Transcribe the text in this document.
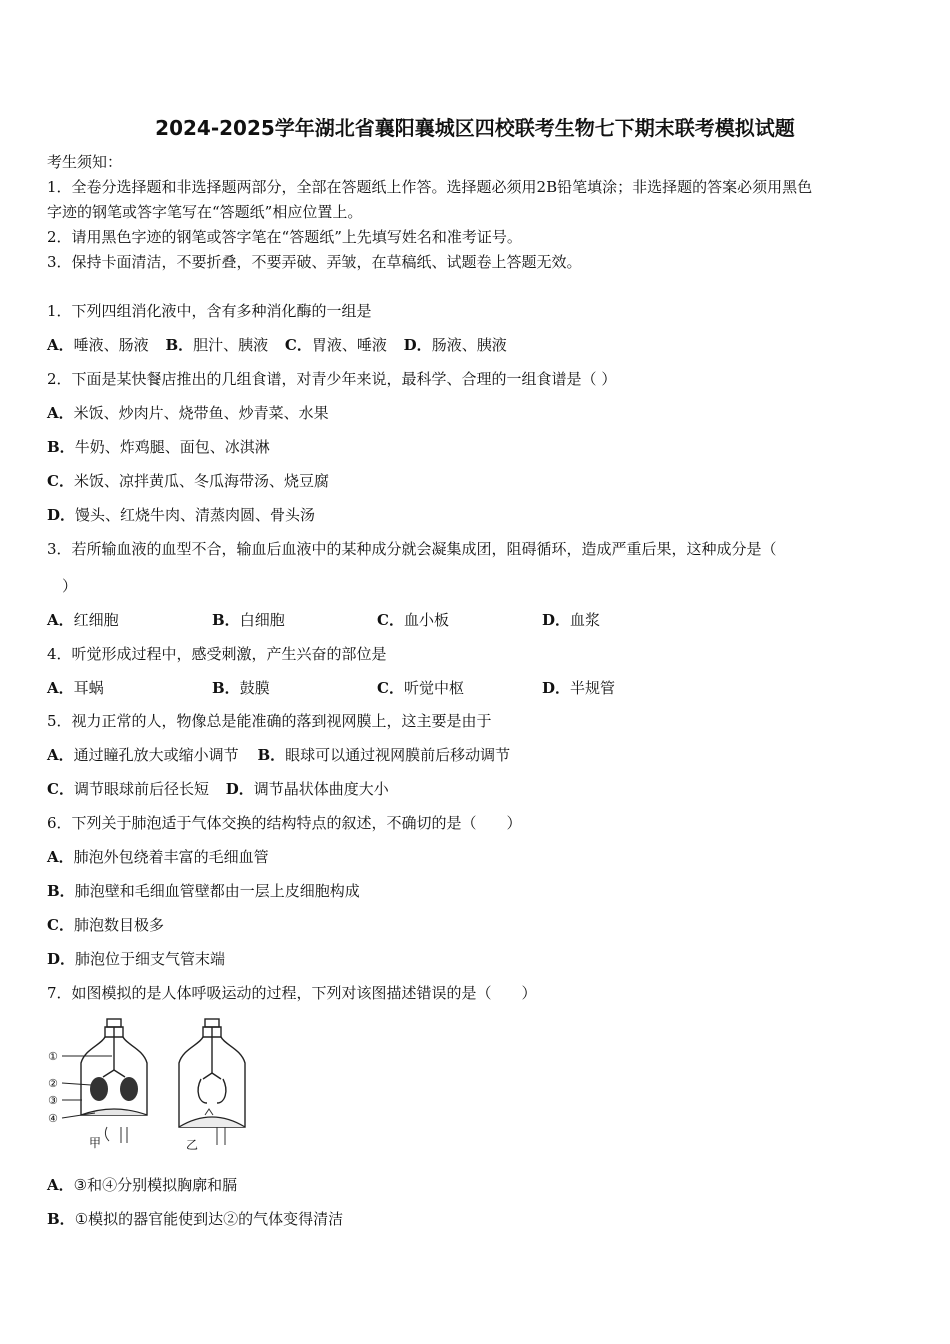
2024-2025学年湖北省襄阳襄城区四校联考生物七下期末联考模拟试题
考生须知：
1．全卷分选择题和非选择题两部分，全部在答题纸上作答。选择题必须用2B铅笔填涂；非选择题的答案必须用黑色
字迹的钢笔或答字笔写在“答题纸”相应位置上。
2．请用黑色字迹的钢笔或答字笔在“答题纸”上先填写姓名和准考证号。
3．保持卡面清洁，不要折叠，不要弄破、弄皱，在草稿纸、试题卷上答题无效。
1．下列四组消化液中，含有多种消化酶的一组是
A．唾液、肠液 B．胆汁、胰液 C．胃液、唾液 D．肠液、胰液
2．下面是某快餐店推出的几组食谱，对青少年来说，最科学、合理的一组食谱是（ ）
A．米饭、炒肉片、烧带鱼、炒青菜、水果
B．牛奶、炸鸡腿、面包、冰淇淋
C．米饭、凉拌黄瓜、冬瓜海带汤、烧豆腐
D．馒头、红烧牛肉、清蒸肉圆、骨头汤
3．若所输血液的血型不合，输血后血液中的某种成分就会凝集成团，阻碍循环，造成严重后果，这种成分是（
）
A．红细胞	B．白细胞	C．血小板	D．血浆
4．听觉形成过程中，感受刺激，产生兴奋的部位是
A．耳蜗	B．鼓膜	C．听觉中枢	D．半规管
5．视力正常的人，物像总是能准确的落到视网膜上，这主要是由于
A．通过瞳孔放大或缩小调节 B．眼球可以通过视网膜前后移动调节
C．调节眼球前后径长短 D．调节晶状体曲度大小
6．下列关于肺泡适于气体交换的结构特点的叙述，不确切的是（　　）
A．肺泡外包绕着丰富的毛细血管
B．肺泡壁和毛细血管壁都由一层上皮细胞构成
C．肺泡数目极多
D．肺泡位于细支气管末端
7．如图模拟的是人体呼吸运动的过程，下列对该图描述错误的是（　　）
①
②
③
④
甲	乙
A．③和④分别模拟胸廓和膈
B．①模拟的器官能使到达②的气体变得清洁
